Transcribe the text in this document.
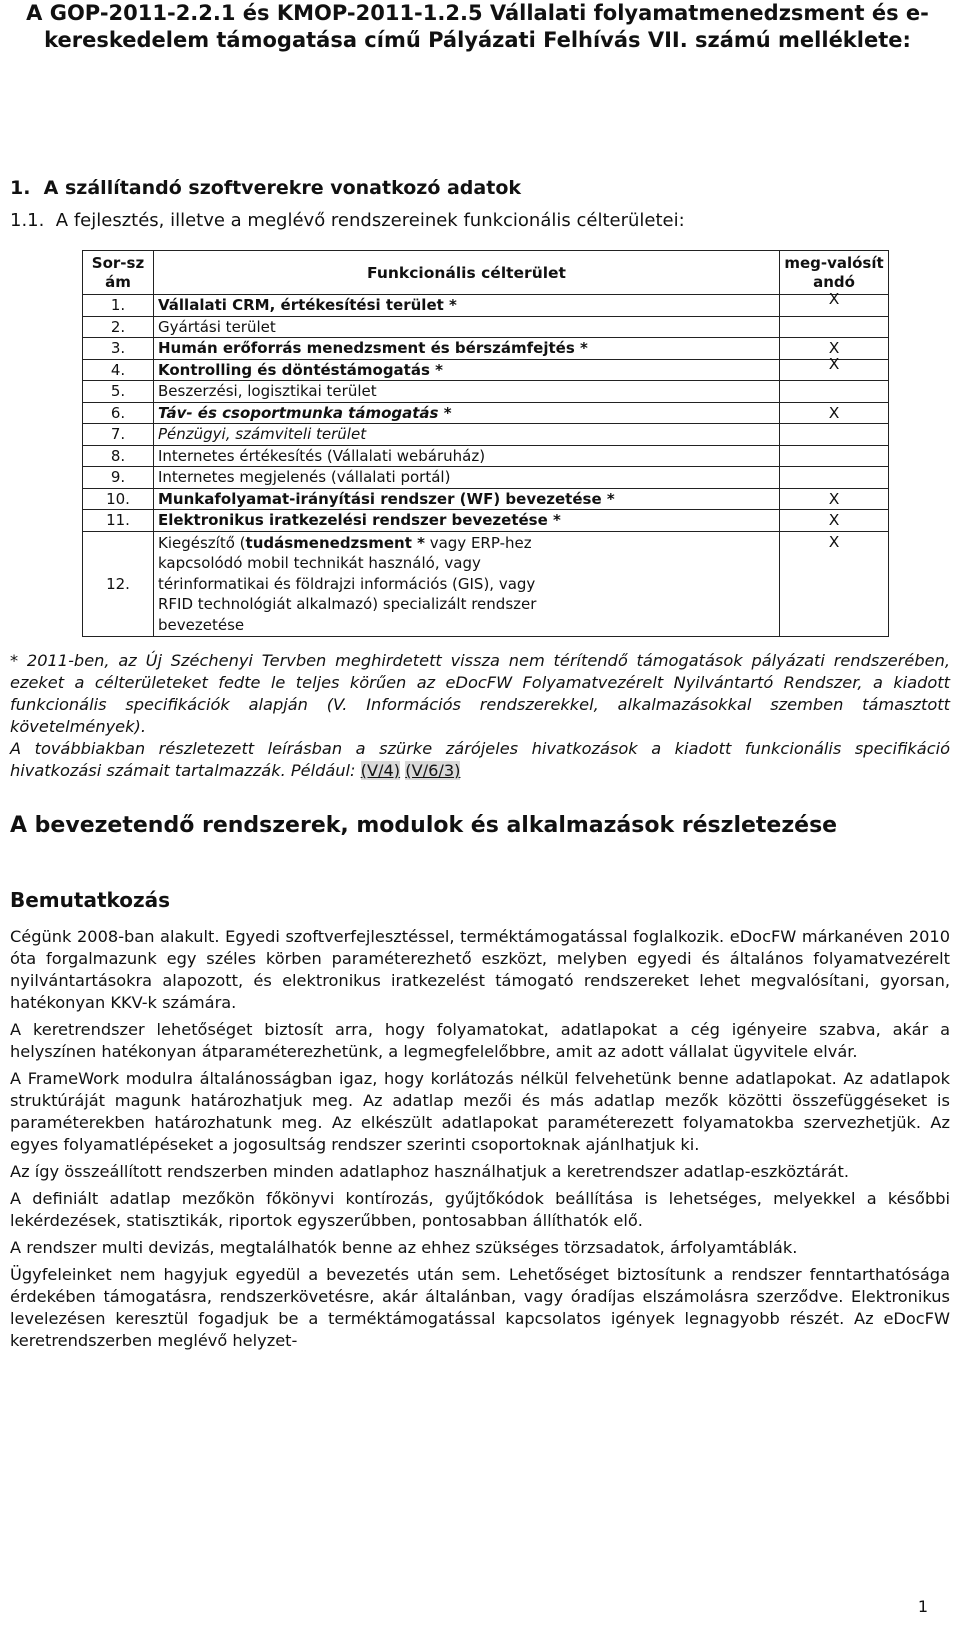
A GOP-2011-2.2.1 és KMOP-2011-1.2.5 Vállalati folyamatmenedzsment és e-kereskedelem támogatása című Pályázati Felhívás VII. számú melléklete:
1.  A szállítandó szoftverekre vonatkozó adatok
1.1.  A fejlesztés, illetve a meglévő rendszereinek funkcionális célterületei:
Sor-szám	Funkcionális célterület	meg-valósítandó
1.	Vállalati CRM, értékesítési terület *	X
2.	Gyártási terület	
3.	Humán erőforrás menedzsment és bérszámfejtés *	X
4.	Kontrolling és döntéstámogatás *	X
5.	Beszerzési, logisztikai terület	
6.	Táv- és csoportmunka támogatás *	X
7.	Pénzügyi, számviteli terület	
8.	Internetes értékesítés (Vállalati webáruház)	
9.	Internetes megjelenés (vállalati portál)	
10.	Munkafolyamat-irányítási rendszer (WF) bevezetése *	X
11.	Elektronikus iratkezelési rendszer bevezetése *	X
12.	Kiegészítő (tudásmenedzsment * vagy ERP-hez kapcsolódó mobil technikát használó, vagy térinformatikai és földrajzi információs (GIS), vagy RFID technológiát alkalmazó) specializált rendszer bevezetése	X
* 2011-ben, az Új Széchenyi Tervben meghirdetett vissza nem térítendő támogatások pályázati rendszerében, ezeket a célterületeket fedte le teljes körűen az eDocFW Folyamatvezérelt Nyilvántartó Rendszer, a kiadott funkcionális specifikációk alapján (V. Információs rendszerekkel, alkalmazásokkal szemben támasztott követelmények).
A továbbiakban részletezett leírásban a szürke zárójeles hivatkozások a kiadott funkcionális specifikáció hivatkozási számait tartalmazzák. Például: (V/4) (V/6/3)
A bevezetendő rendszerek, modulok és alkalmazások részletezése
Bemutatkozás

Cégünk 2008-ban alakult. Egyedi szoftverfejlesztéssel, terméktámogatással foglalkozik. eDocFW márkanéven 2010 óta forgalmazunk egy széles körben paraméterezhető eszközt, melyben egyedi és általános folyamatvezérelt nyilvántartásokra alapozott, és elektronikus iratkezelést támogató rendszereket lehet megvalósítani, gyorsan, hatékonyan KKV-k számára.

A keretrendszer lehetőséget biztosít arra, hogy folyamatokat, adatlapokat a cég igényeire szabva, akár a helyszínen hatékonyan átparaméterezhetünk, a legmegfelelőbbre, amit az adott vállalat ügyvitele elvár.

A FrameWork modulra általánosságban igaz, hogy korlátozás nélkül felvehetünk benne adatlapokat. Az adatlapok struktúráját magunk határozhatjuk meg. Az adatlap mezői és más adatlap mezők közötti összefüggéseket is paraméterekben határozhatunk meg. Az elkészült adatlapokat paraméterezett folyamatokba szervezhetjük. Az egyes folyamatlépéseket a jogosultság rendszer szerinti csoportoknak ajánlhatjuk ki.

Az így összeállított rendszerben minden adatlaphoz használhatjuk a keretrendszer adatlap-eszköztárát.

A definiált adatlap mezőkön főkönyvi kontírozás, gyűjtőkódok beállítása is lehetséges, melyekkel a későbbi lekérdezések, statisztikák, riportok egyszerűbben, pontosabban állíthatók elő.

A rendszer multi devizás, megtalálhatók benne az ehhez szükséges törzsadatok, árfolyamtáblák.

Ügyfeleinket nem hagyjuk egyedül a bevezetés után sem. Lehetőséget biztosítunk a rendszer fenntarthatósága érdekében támogatásra, rendszerkövetésre, akár általánban, vagy óradíjas elszámolásra szerződve. Elektronikus levelezésen keresztül fogadjuk be a terméktámogatással kapcsolatos igények legnagyobb részét. Az eDocFW keretrendszerben meglévő helyzet-

1
